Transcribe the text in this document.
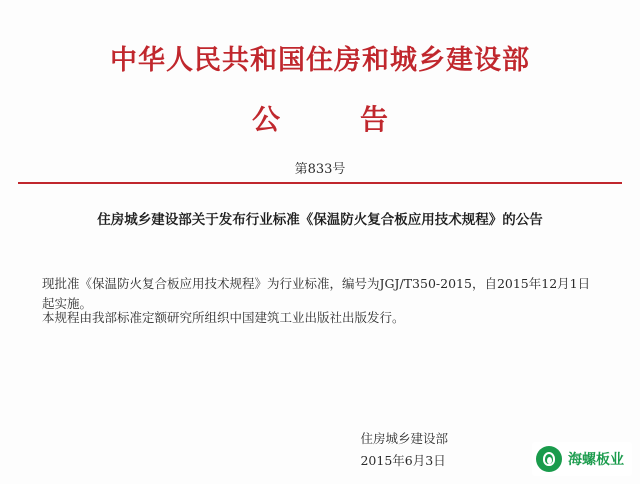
中华人民共和国住房和城乡建设部
公　告
第833号
住房城乡建设部关于发布行业标准《保温防火复合板应用技术规程》的公告
现批准《保温防火复合板应用技术规程》为行业标准，编号为JGJ/T350-2015，自2015年12月1日起实施。
本规程由我部标准定额研究所组织中国建筑工业出版社出版发行。
住房城乡建设部
2015年6月3日	海螺板业
